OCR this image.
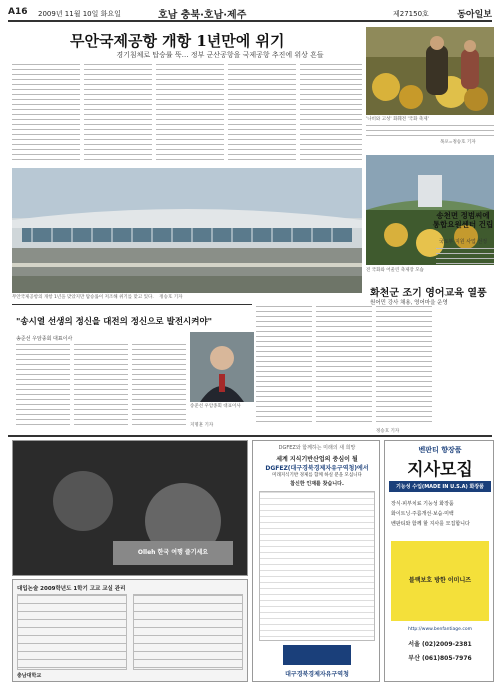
A16 2009년 11월 10일 화요일	호남 충북·호남·제주	제27150호	동아일보
무안국제공항 개항 1년만에 위기
경기침체로 탑승률 뚝… 정부 군산공항을 국제공항 추진에 위상 흔들
'나비와 고성' 화훼전 '국화 축제'
목포=정승호 기자
무안국제공항의 개항 1년을 맞았지만 탑승률이 저조해 위기를 맞고 있다. 정승호 기자
전 국화와 어울린 축제장 모습
화천군 조기 영어교육 열풍
원어민 강사 채용, 영어마을 운영
정승호 기자
"송시열 선생의 정신을 대전의 정신으로 발전시켜야"
송준선 우암종회 대표이사
송준선 우암종회 대표이사
지명훈 기자
송천면 정범씨에 통합요원센터 건립
국토부 지원 사업 선정
Olleh 한국 여행 즐기세요
대입논술 2009학년도 1학기 고교 교실 관리
충남대학교
DGFEZ와 함께하는 미래의 새 희망
세계 지식기반산업의 중심이 될
DGFEZ(대구경북경제자유구역청)에서
미래지식기반 경제를 함께 하실 분을 모십니다
참신한 인재를 찾습니다.
대구경북경제자유구역청
벤판티 향장품
지사모집
기능성 수입(MADE IN U.S.A) 화장품
장식·피부치료 기능성 화장품
화이트닝·주름개선·보습·미백
벤판티와 함께 할 지사를 모집합니다
블랙보호 방한 이미니즈
http://www.benfantiage.com
서울 (02)2009-2381
부산 (061)805-7976
